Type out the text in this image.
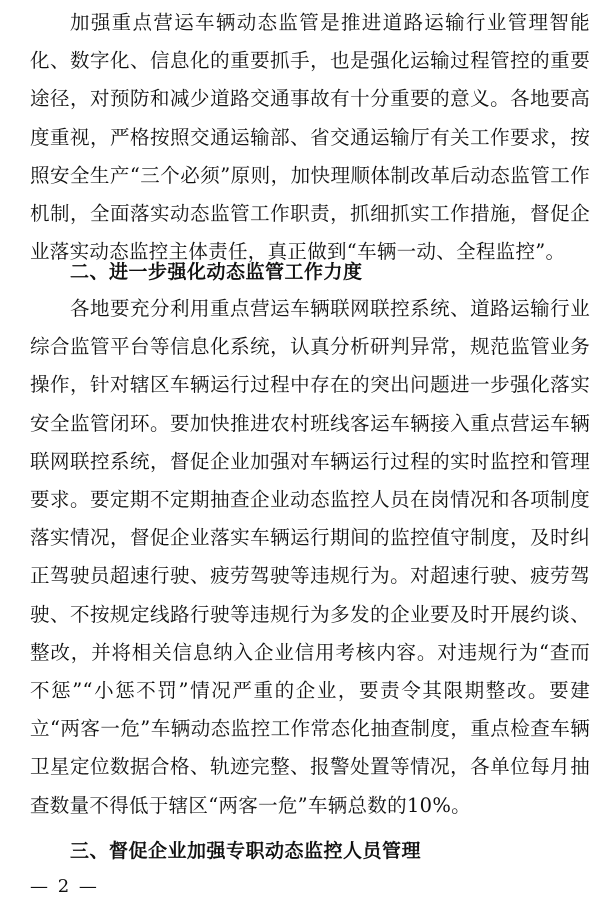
加强重点营运车辆动态监管是推进道路运输行业管理智能化、数字化、信息化的重要抓手，也是强化运输过程管控的重要途径，对预防和减少道路交通事故有十分重要的意义。各地要高度重视，严格按照交通运输部、省交通运输厅有关工作要求，按照安全生产“三个必须”原则，加快理顺体制改革后动态监管工作机制，全面落实动态监管工作职责，抓细抓实工作措施，督促企业落实动态监控主体责任，真正做到“车辆一动、全程监控”。

二、进一步强化动态监管工作力度

各地要充分利用重点营运车辆联网联控系统、道路运输行业综合监管平台等信息化系统，认真分析研判异常，规范监管业务操作，针对辖区车辆运行过程中存在的突出问题进一步强化落实安全监管闭环。要加快推进农村班线客运车辆接入重点营运车辆联网联控系统，督促企业加强对车辆运行过程的实时监控和管理要求。要定期不定期抽查企业动态监控人员在岗情况和各项制度落实情况，督促企业落实车辆运行期间的监控值守制度，及时纠正驾驶员超速行驶、疲劳驾驶等违规行为。对超速行驶、疲劳驾驶、不按规定线路行驶等违规行为多发的企业要及时开展约谈、整改，并将相关信息纳入企业信用考核内容。对违规行为“查而不惩”“小惩不罚”情况严重的企业，要责令其限期整改。要建立“两客一危”车辆动态监控工作常态化抽查制度，重点检查车辆卫星定位数据合格、轨迹完整、报警处置等情况，各单位每月抽查数量不得低于辖区“两客一危”车辆总数的10%。

三、督促企业加强专职动态监控人员管理
— 2 —
